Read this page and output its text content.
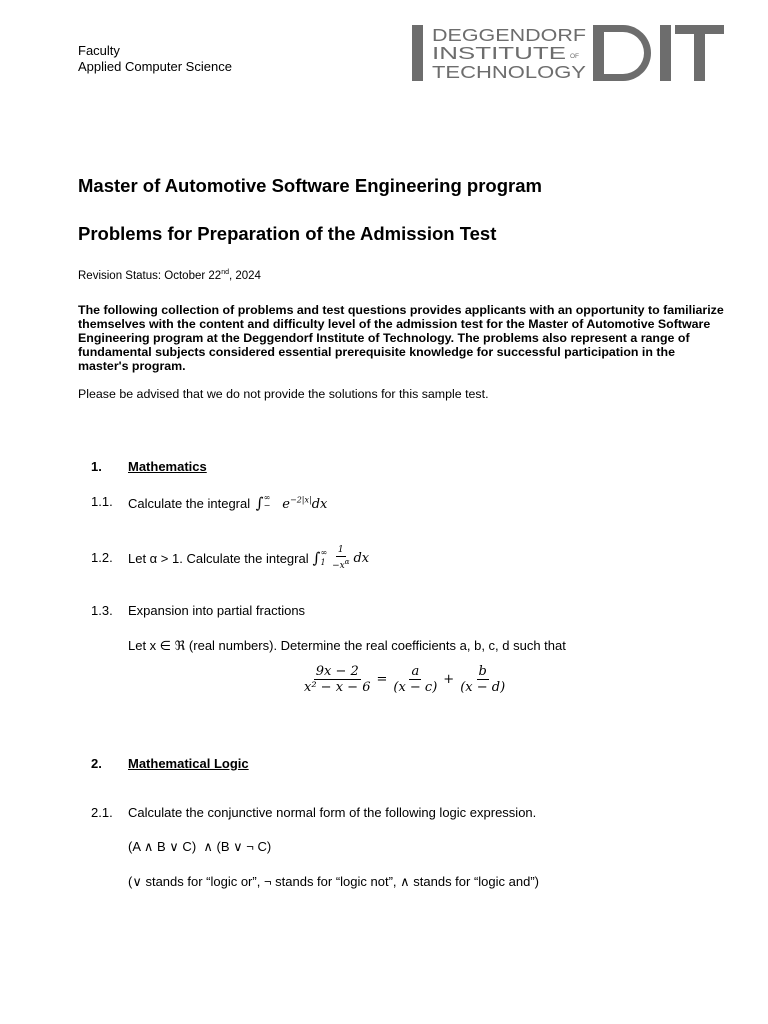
Faculty
Applied Computer Science
DEGGENDORF
INSTITUTE OF
TECHNOLOGY
Master of Automotive Software Engineering program
Problems for Preparation of the Admission Test
Revision Status: October 22nd, 2024
The following collection of problems and test questions provides applicants with an opportunity to familiarize themselves with the content and difficulty level of the admission test for the Master of Automotive Software Engineering program at the Deggendorf Institute of Technology. The problems also represent a range of fundamental subjects considered essential prerequisite knowledge for successful participation in the master's program.
Please be advised that we do not provide the solutions for this sample test.
1. Mathematics
1.1. Calculate the integral ∫ ∞
− $e^{-2|x|}dx$
1.2. Let α > 1. Calculate the integral ∫ ∞
$1 \frac{1}{-x^\alpha}$ dx
1.3. Expansion into partial fractions
Let x ∈ ℜ (real numbers). Determine the real coefficients a, b, c, d such that
$\frac{9x - 2}{\text{x² − x − 6}} = \frac{a}{(x - c)} + \frac{b}{(x - d)}$
2. Mathematical Logic
2.1. Calculate the conjunctive normal form of the following logic expression.
(A ∧ B ∨ C)  ∧ (B ∨ ¬ C)
(∨ stands for “logic or”, ¬ stands for “logic not”, ∧ stands for “logic and”)
